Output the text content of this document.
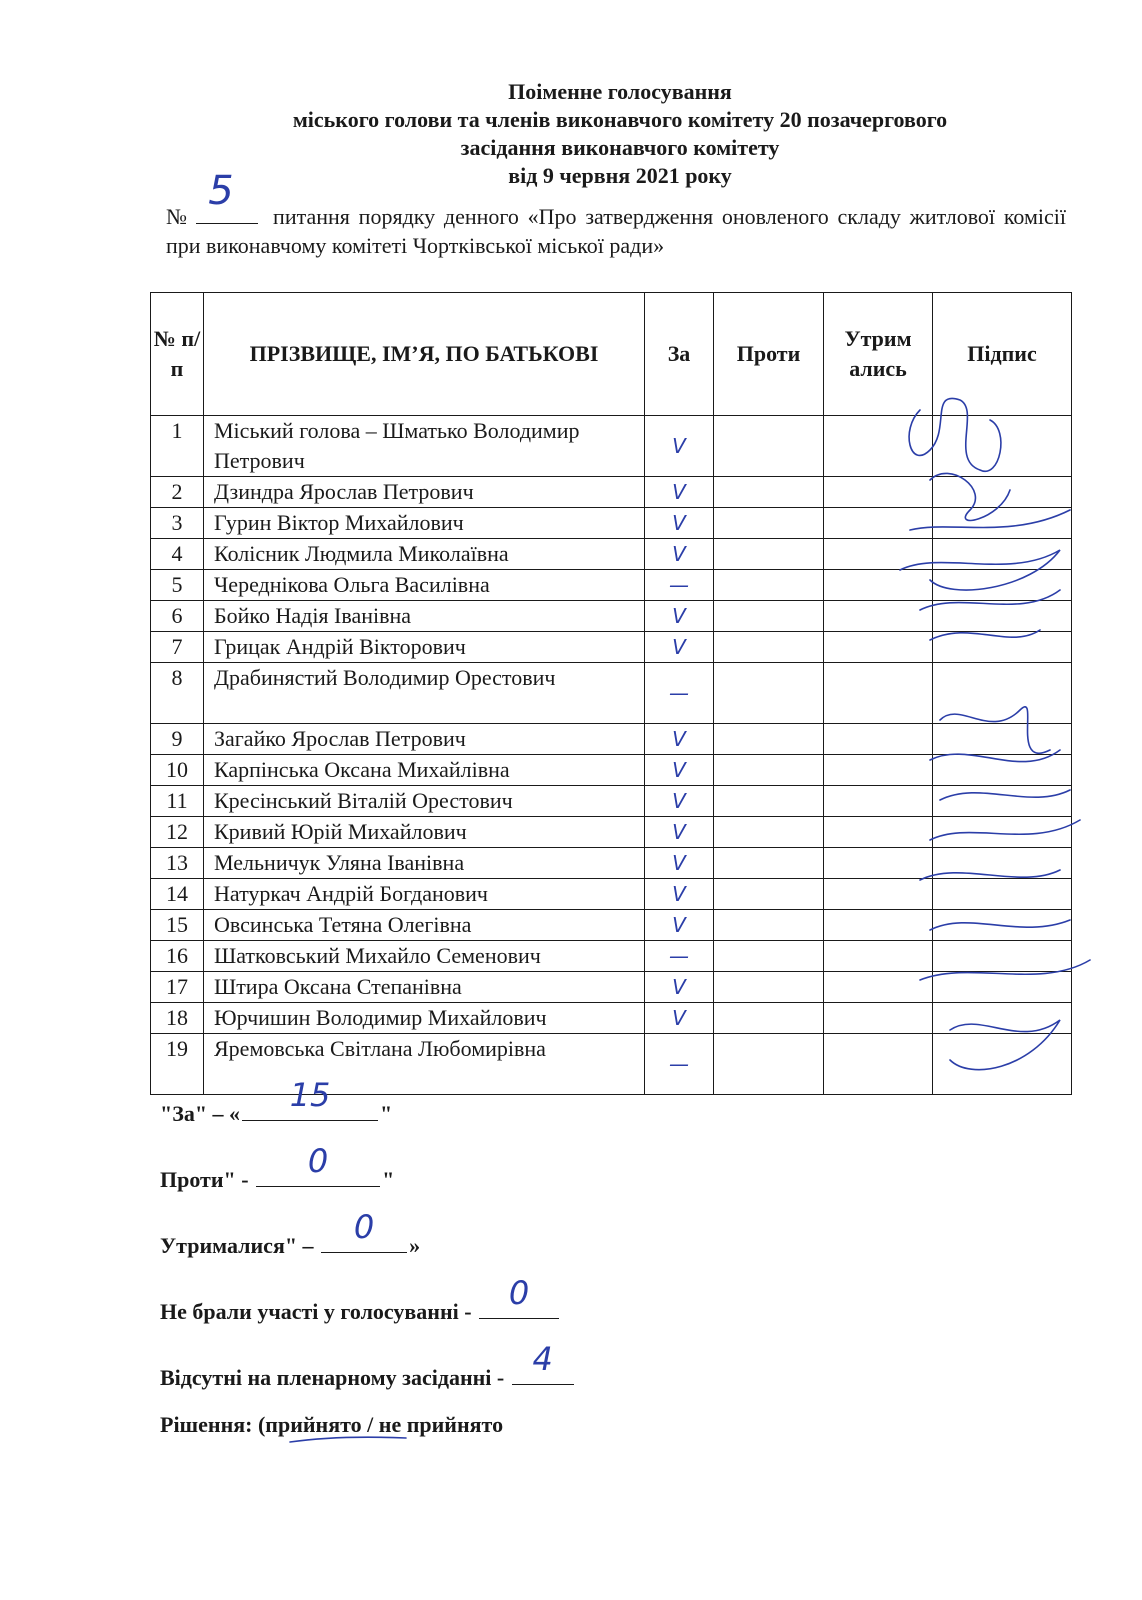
Поіменне голосування
міського голови та членів виконавчого комітету 20 позачергового
засідання виконавчого комітету
від 9 червня 2021 року
№
5
питання порядку денного «Про затвердження оновленого складу житлової комісії при виконавчому комітеті Чортківської міської ради»
№ п/п	ПРІЗВИЩЕ, ІМ’Я, ПО БАТЬКОВІ	За	Проти	Утрим ались	Підпис
1	Міський голова – Шматько Володимир Петрович	V			
2	Дзиндра Ярослав Петрович	V			
3	Гурин Віктор Михайлович	V			
4	Колісник Людмила Миколаївна	V			
5	Череднікова Ольга Василівна	—			
6	Бойко Надія Іванівна	V			
7	Грицак Андрій Вікторович	V			
8	Драбинястий Володимир Орестович	—			
9	Загайко Ярослав Петрович	V			
10	Карпінська Оксана Михайлівна	V			
11	Кресінський Віталій Орестович	V			
12	Кривий Юрій Михайлович	V			
13	Мельничук Уляна Іванівна	V			
14	Натуркач Андрій Богданович	V			
15	Овсинська Тетяна Олегівна	V			
16	Шатковський Михайло Семенович	—			
17	Штира Оксана Степанівна	V			
18	Юрчишин Володимир Михайлович	V			
19	Яремовська Світлана Любомирівна	—			
"За" – «	15	"
Проти" -	0	"
Утрималися" –	0	»
Не брали участі у голосуванні - 0
Відсутні на пленарному засіданні - 4
Рішення: (прийнято / не прийнято
